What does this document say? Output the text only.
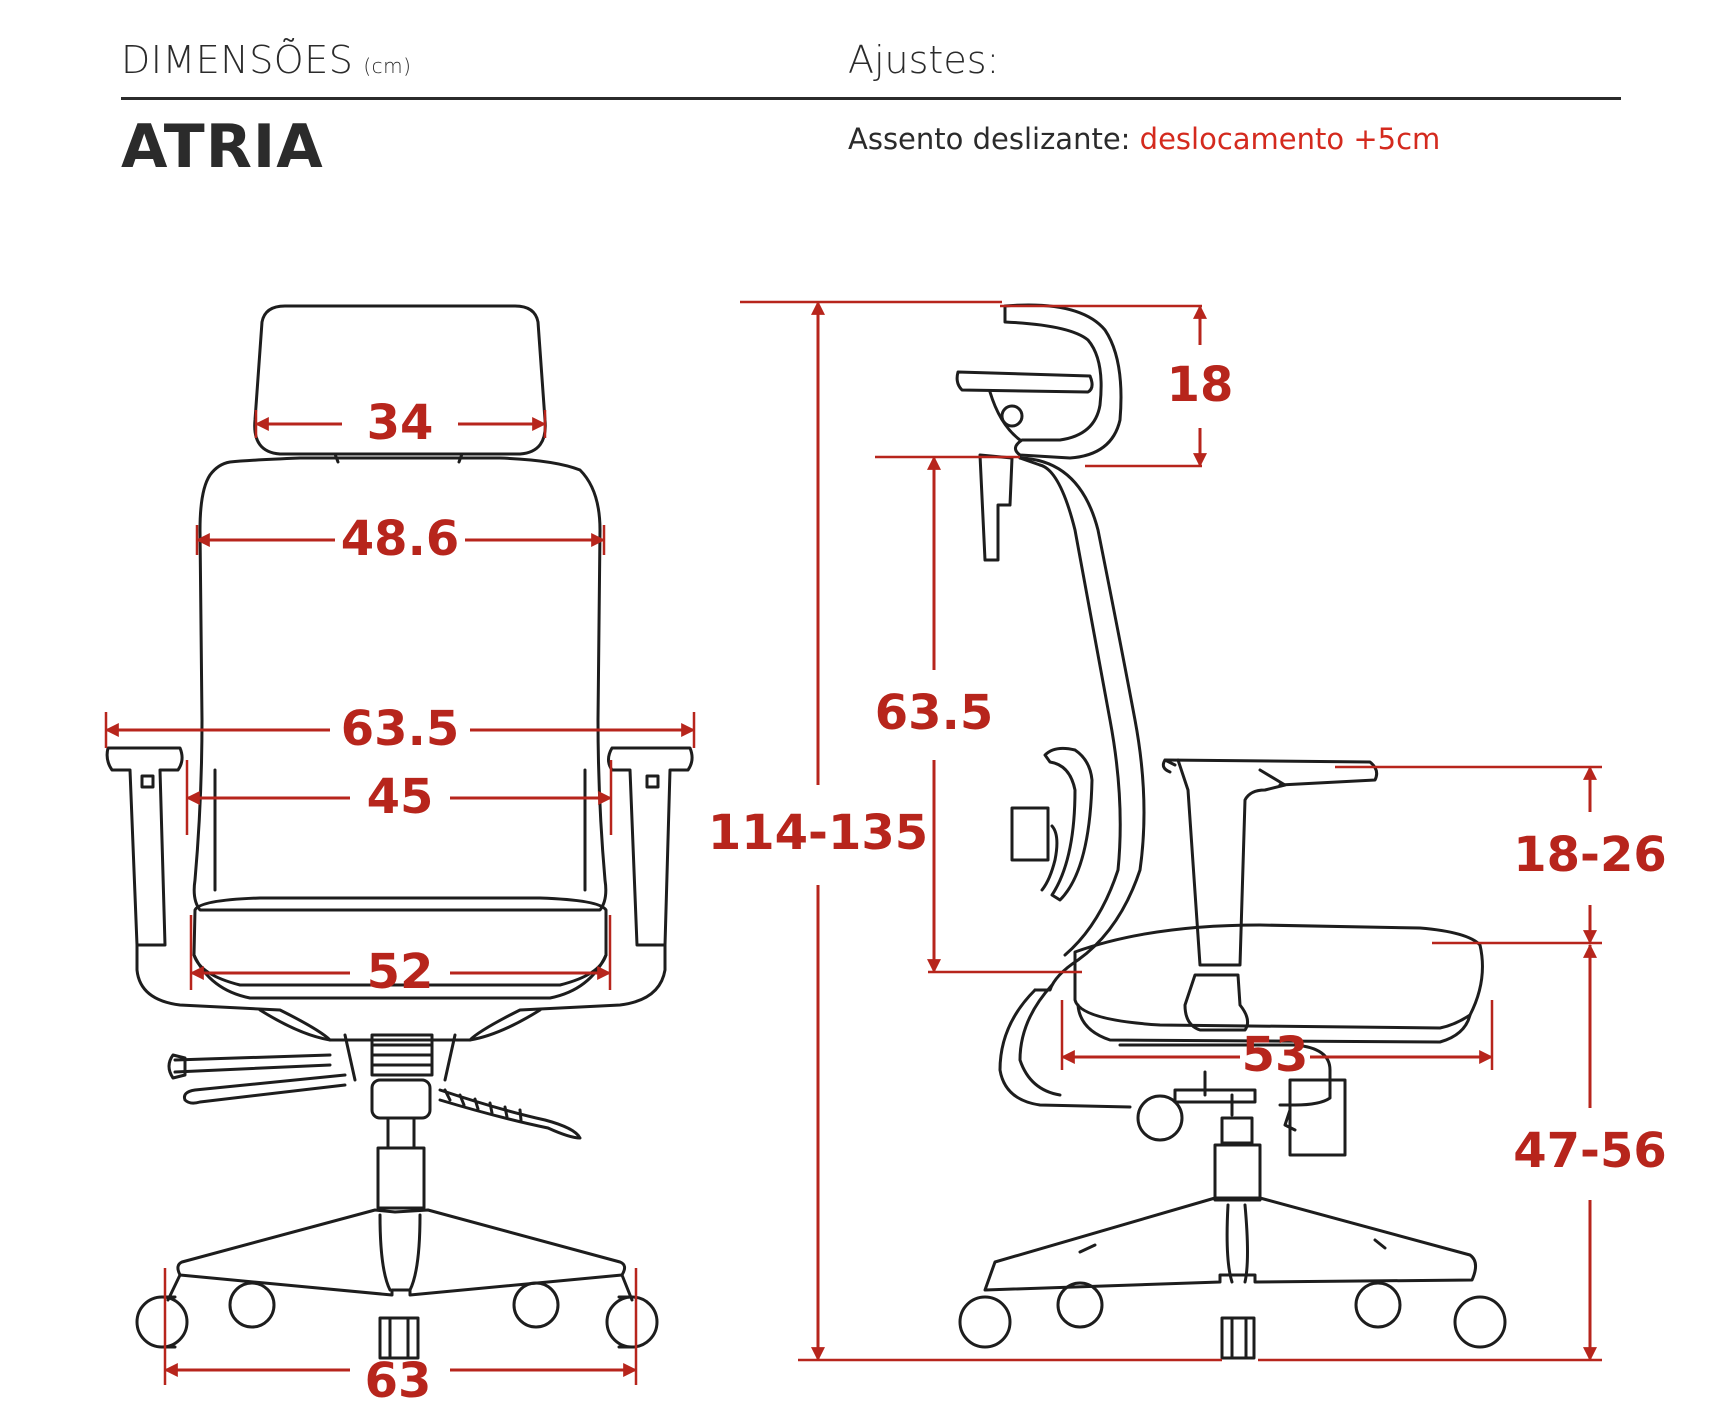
DIMENSÕES (cm)	Ajustes:
ATRIA	Assento deslizante: deslocamento +5cm
34
48.6
63.5
45
52
63
114-135
18
63.5
18-26
53
47-56
